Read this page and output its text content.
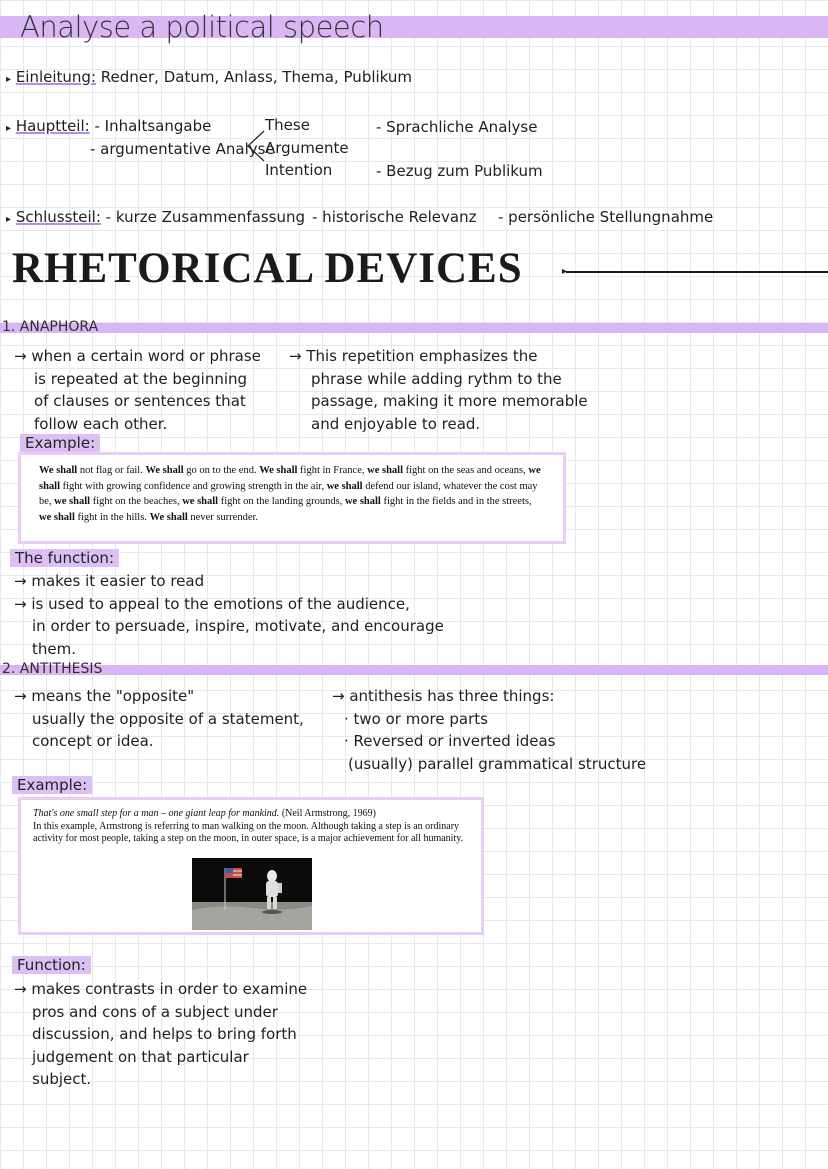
Analyse a political speech
▸ Einleitung: Redner, Datum, Anlass, Thema, Publikum
▸ Hauptteil: - Inhaltsangabe
- argumentative Analyse
These
Argumente
Intention
- Sprachliche Analyse
- Bezug zum Publikum
▸ Schlussteil: - kurze Zusammenfassung - historische Relevanz - persönliche Stellungnahme
RHETORICAL DEVICES	▸
1. ANAPHORA
→ when a certain word or phrase
is repeated at the beginning
of clauses or sentences that
follow each other.
→ This repetition emphasizes the
phrase while adding rythm to the
passage, making it more memorable
and enjoyable to read.
Example:
We shall not flag or fail. We shall go on to the end. We shall fight in France, we shall fight on the seas and oceans, we shall fight with growing confidence and growing strength in the air, we shall defend our island, whatever the cost may be, we shall fight on the beaches, we shall fight on the landing grounds, we shall fight in the fields and in the streets, we shall fight in the hills. We shall never surrender.
The function:
→ makes it easier to read
→ is used to appeal to the emotions of the audience,
in order to persuade, inspire, motivate, and encourage
them.
2. ANTITHESIS
→ means the "opposite"
usually the opposite of a statement,
concept or idea.
→ antithesis has three things:
· two or more parts
· Reversed or inverted ideas
(usually) parallel grammatical structure
Example:
That's one small step for a man – one giant leap for mankind. (Neil Armstrong, 1969)
In this example, Armstrong is referring to man walking on the moon. Although taking a step is an ordinary activity for most people, taking a step on the moon, in outer space, is a major achievement for all humanity.
Function:
→ makes contrasts in order to examine
pros and cons of a subject under
discussion, and helps to bring forth
judgement on that particular
subject.
